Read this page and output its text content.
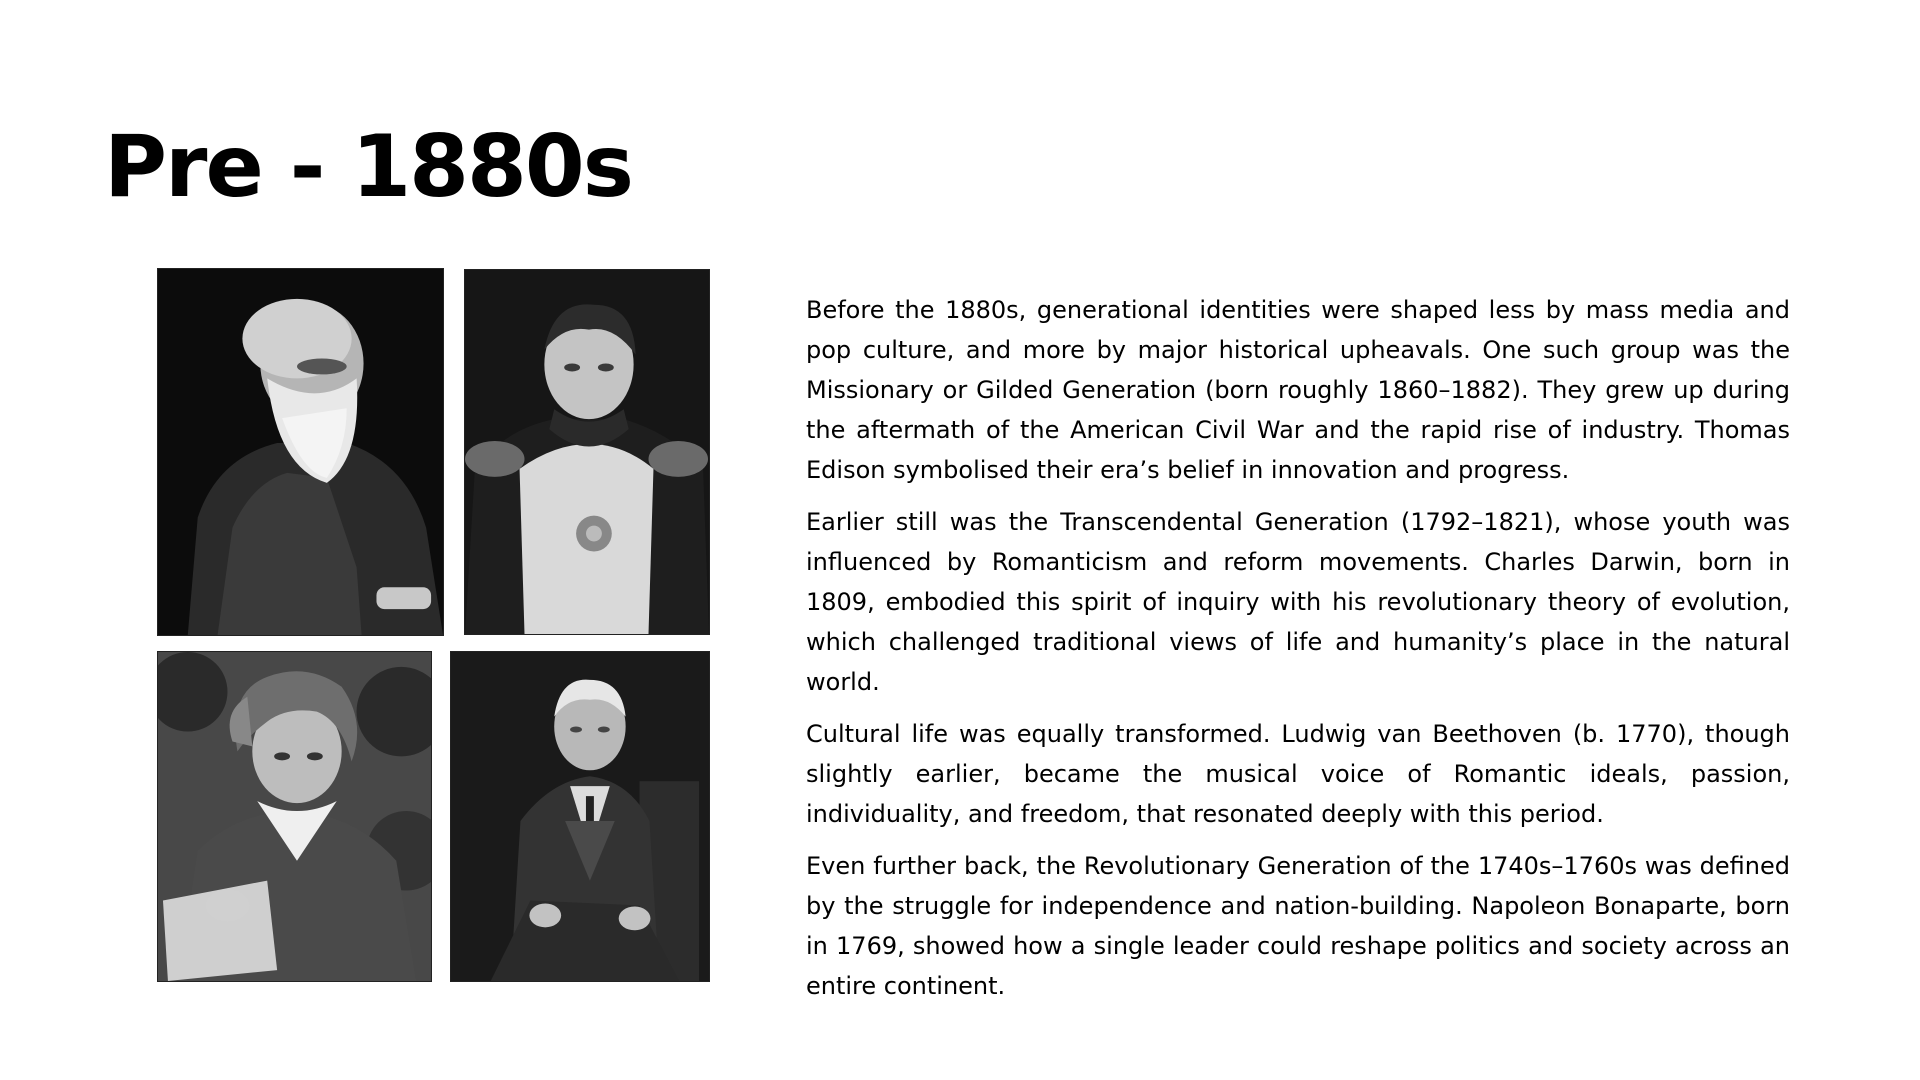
Pre - 1880s

Before the 1880s, generational identities were shaped less by mass media and pop culture, and more by major historical upheavals. One such group was the Missionary or Gilded Generation (born roughly 1860–1882). They grew up during the aftermath of the American Civil War and the rapid rise of industry. Thomas Edison symbolised their era’s belief in innovation and progress.

Earlier still was the Transcendental Generation (1792–1821), whose youth was influenced by Romanticism and reform movements. Charles Darwin, born in 1809, embodied this spirit of inquiry with his revolutionary theory of evolution, which challenged traditional views of life and humanity’s place in the natural world.

Cultural life was equally transformed. Ludwig van Beethoven (b. 1770), though slightly earlier, became the musical voice of Romantic ideals, passion, individuality, and freedom, that resonated deeply with this period.

Even further back, the Revolutionary Generation of the 1740s–1760s was defined by the struggle for independence and nation-building. Napoleon Bonaparte, born in 1769, showed how a single leader could reshape politics and society across an entire continent.
